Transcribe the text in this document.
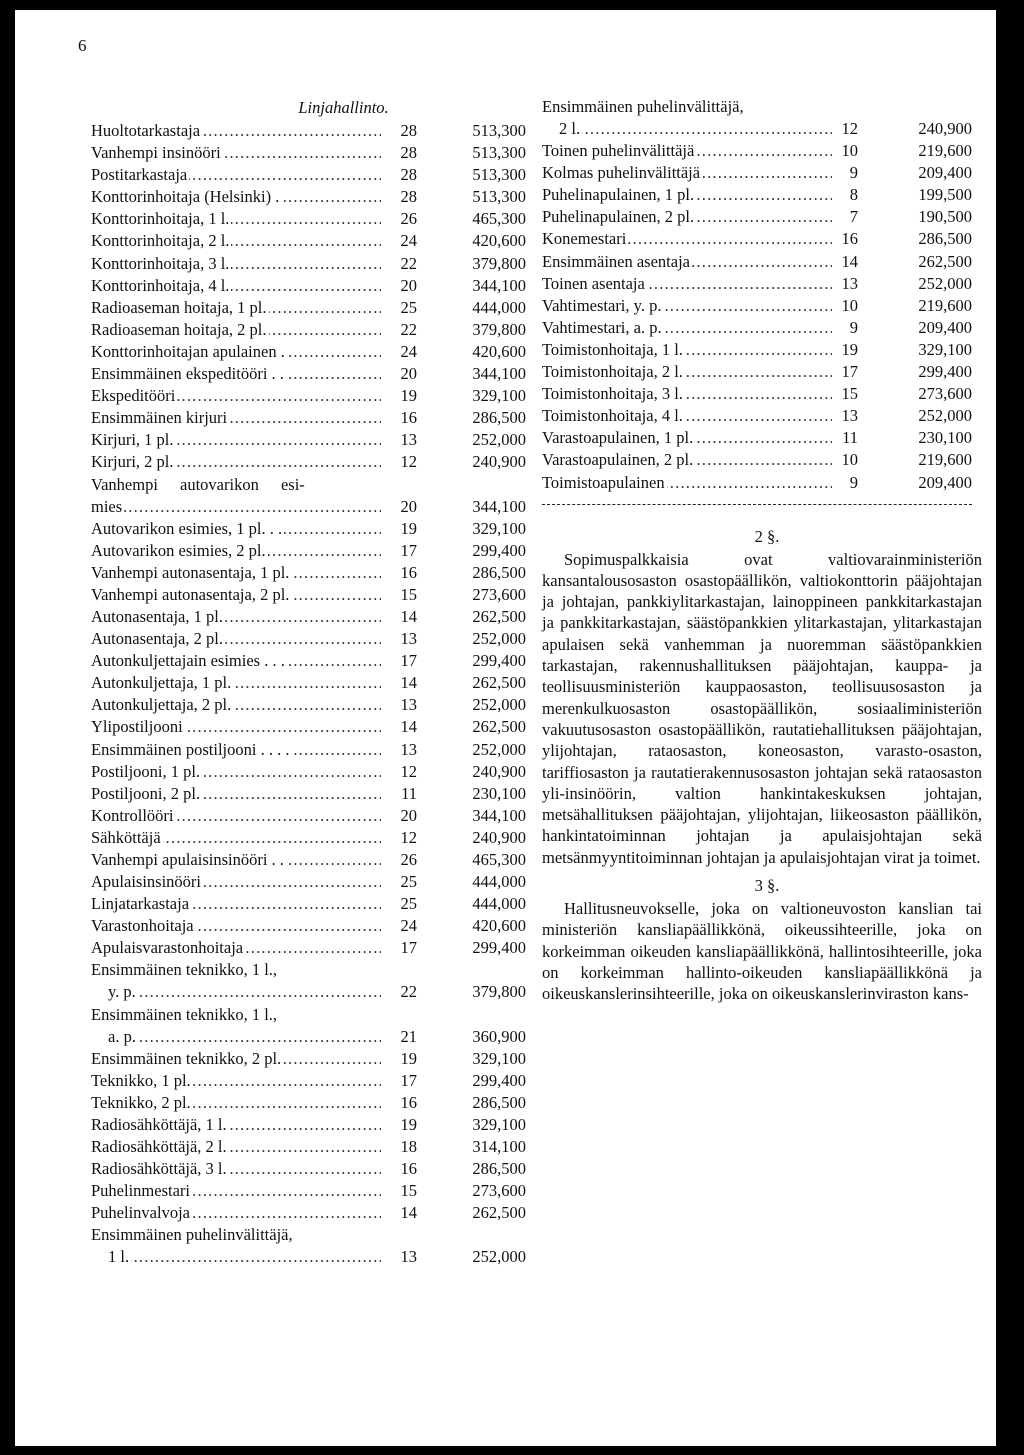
6
Linjahallinto.
Huoltotarkastaja .....	28	513,300
Vanhempi insinööri .....	28	513,300
Postitarkastaja .....	28	513,300
Konttorinhoitaja (Helsinki) . .....	28	513,300
Konttorinhoitaja, 1 l. .....	26	465,300
Konttorinhoitaja, 2 l. .....	24	420,600
Konttorinhoitaja, 3 l. .....	22	379,800
Konttorinhoitaja, 4 l. .....	20	344,100
Radioaseman hoitaja, 1 pl. .....	25	444,000
Radioaseman hoitaja, 2 pl. .....	22	379,800
Konttorinhoitajan apulainen . .....	24	420,600
Ensimmäinen ekspeditööri . . .....	20	344,100
Ekspeditööri .....	19	329,100
Ensimmäinen kirjuri .....	16	286,500
Kirjuri, 1 pl. .....	13	252,000
Kirjuri, 2 pl. .....	12	240,900
Vanhempi autovarikon esi-
mies .....	20	344,100
Autovarikon esimies, 1 pl. . . .....	19	329,100
Autovarikon esimies, 2 pl. .....	17	299,400
Vanhempi autonasentaja, 1 pl. .....	16	286,500
Vanhempi autonasentaja, 2 pl. .....	15	273,600
Autonasentaja, 1 pl. .....	14	262,500
Autonasentaja, 2 pl. .....	13	252,000
Autonkuljettajain esimies . . . .....	17	299,400
Autonkuljettaja, 1 pl. .....	14	262,500
Autonkuljettaja, 2 pl. .....	13	252,000
Ylipostiljooni .....	14	262,500
Ensimmäinen postiljooni . . . . .....	13	252,000
Postiljooni, 1 pl. .....	12	240,900
Postiljooni, 2 pl. .....	11	230,100
Kontrollööri .....	20	344,100
Sähköttäjä .....	12	240,900
Vanhempi apulaisinsinööri . . .....	26	465,300
Apulaisinsinööri .....	25	444,000
Linjatarkastaja .....	25	444,000
Varastonhoitaja .....	24	420,600
Apulaisvarastonhoitaja .....	17	299,400
Ensimmäinen teknikko, 1 l.,
y. p. .....	22	379,800
Ensimmäinen teknikko, 1 l.,
a. p. .....	21	360,900
Ensimmäinen teknikko, 2 pl. .....	19	329,100
Teknikko, 1 pl. .....	17	299,400
Teknikko, 2 pl. .....	16	286,500
Radiosähköttäjä, 1 l. .....	19	329,100
Radiosähköttäjä, 2 l. .....	18	314,100
Radiosähköttäjä, 3 l. .....	16	286,500
Puhelinmestari .....	15	273,600
Puhelinvalvoja .....	14	262,500
Ensimmäinen puhelinvälittäjä,
1 l. .....	13	252,000
Ensimmäinen puhelinvälittäjä,
2 l. .....	12	240,900
Toinen puhelinvälittäjä .....	10	219,600
Kolmas puhelinvälittäjä .....	9	209,400
Puhelinapulainen, 1 pl. .....	8	199,500
Puhelinapulainen, 2 pl. .....	7	190,500
Konemestari .....	16	286,500
Ensimmäinen asentaja .....	14	262,500
Toinen asentaja .....	13	252,000
Vahtimestari, y. p. .....	10	219,600
Vahtimestari, a. p. .....	9	209,400
Toimistonhoitaja, 1 l. .....	19	329,100
Toimistonhoitaja, 2 l. .....	17	299,400
Toimistonhoitaja, 3 l. .....	15	273,600
Toimistonhoitaja, 4 l. .....	13	252,000
Varastoapulainen, 1 pl. .....	11	230,100
Varastoapulainen, 2 pl. .....	10	219,600
Toimistoapulainen .....	9	209,400
2 §.
Sopimuspalkkaisia ovat valtiovarainministeriön kansantalousosaston osastopäällikön, valtiokonttorin pääjohtajan ja johtajan, pankkiylitarkastajan, lainoppineen pankkitarkastajan ja pankkitarkastajan, säästöpankkien ylitarkastajan, ylitarkastajan apulaisen sekä vanhemman ja nuoremman säästöpankkien tarkastajan, rakennushallituksen pääjohtajan, kauppa- ja teollisuusministeriön kauppaosaston, teollisuusosaston ja merenkulkuosaston osastopäällikön, sosiaaliministeriön vakuutusosaston osastopäällikön, rautatiehallituksen pääjohtajan, ylijohtajan, rataosaston, koneosaston, varasto-osaston, tariffiosaston ja rautatierakennusosaston johtajan sekä rataosaston yli-insinöörin, valtion hankintakeskuksen johtajan, metsähallituksen pääjohtajan, ylijohtajan, liikeosaston päällikön, hankintatoiminnan johtajan ja apulaisjohtajan sekä metsänmyyntitoiminnan johtajan ja apulaisjohtajan virat ja toimet.
3 §.
Hallitusneuvokselle, joka on valtioneuvoston kanslian tai ministeriön kansliapäällikkönä, oikeussihteerille, joka on korkeimman oikeuden kansliapäällikkönä, hallintosihteerille, joka on korkeimman hallinto-oikeuden kansliapäällikkönä ja oikeuskanslerinsihteerille, joka on oikeuskanslerinviraston kans-
